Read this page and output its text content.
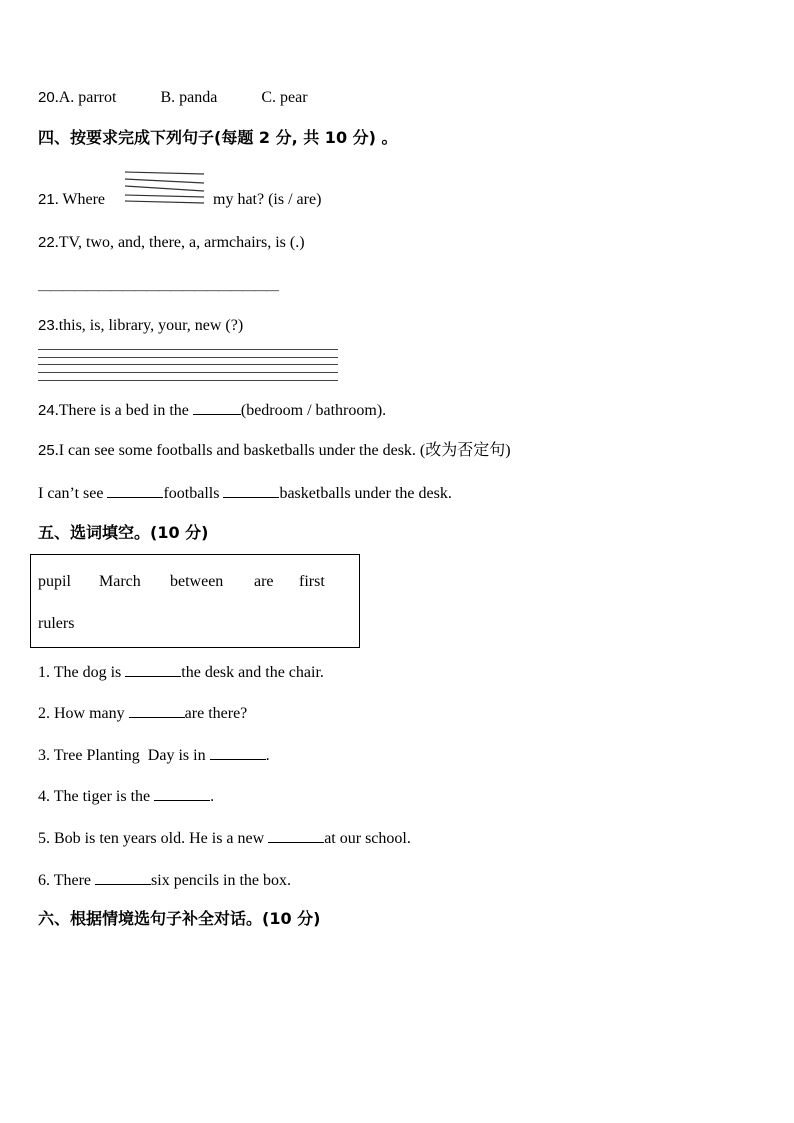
20.A. parrot	B. panda	C. pear
四、按要求完成下列句子(每题 2 分, 共 10 分) 。
21. Where	my hat? (is / are)
22.TV, two, and, there, a, armchairs, is (.)
————————————————————
23.this, is, library, your, new (?)
24.There is a bed in the	(bedroom / bathroom).
25.I can see some footballs and basketballs under the desk. (改为否定句)
I can’t see	footballs	basketballs under the desk.
五、选词填空。(10 分)
pupil March between are first
rulers
1. The dog is	the desk and the chair.
2. How many	are there?
3. Tree Planting  Day is in	.
4. The tiger is the	.
5. Bob is ten years old. He is a new	at our school.
6. There	six pencils in the box.
六、根据情境选句子补全对话。(10 分)
